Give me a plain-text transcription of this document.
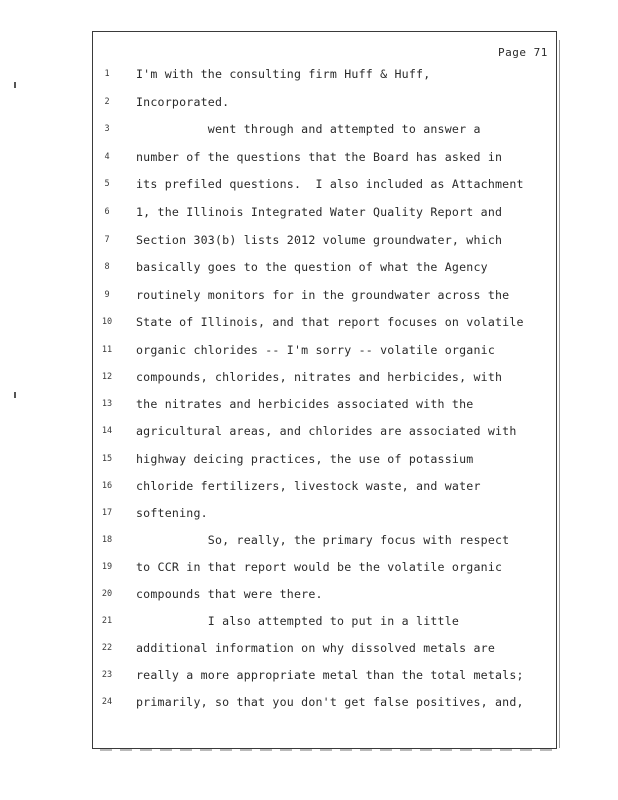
Page 71
1	I'm with the consulting firm Huff & Huff,
2	Incorporated.
3	went through and attempted to answer a
4	number of the questions that the Board has asked in
5	its prefiled questions.  I also included as Attachment
6	1, the Illinois Integrated Water Quality Report and
7	Section 303(b) lists 2012 volume groundwater, which
8	basically goes to the question of what the Agency
9	routinely monitors for in the groundwater across the
10	State of Illinois, and that report focuses on volatile
11	organic chlorides -- I'm sorry -- volatile organic
12	compounds, chlorides, nitrates and herbicides, with
13	the nitrates and herbicides associated with the
14	agricultural areas, and chlorides are associated with
15	highway deicing practices, the use of potassium
16	chloride fertilizers, livestock waste, and water
17	softening.
18	So, really, the primary focus with respect
19	to CCR in that report would be the volatile organic
20	compounds that were there.
21	I also attempted to put in a little
22	additional information on why dissolved metals are
23	really a more appropriate metal than the total metals;
24	primarily, so that you don't get false positives, and,
